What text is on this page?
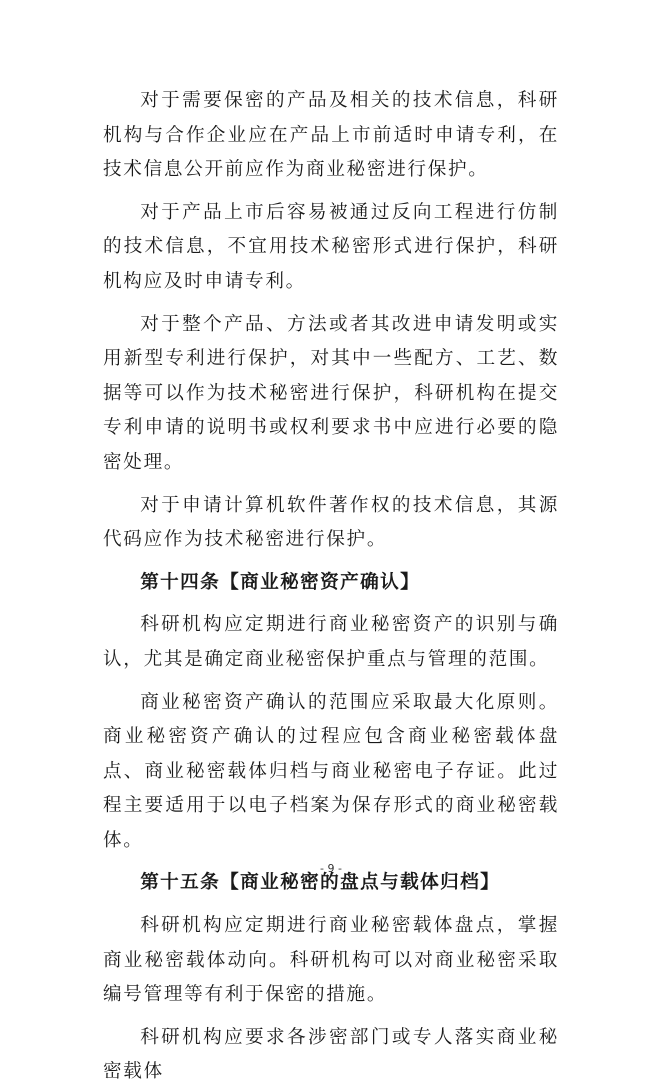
对于需要保密的产品及相关的技术信息，科研机构与合作企业应在产品上市前适时申请专利，在技术信息公开前应作为商业秘密进行保护。

对于产品上市后容易被通过反向工程进行仿制的技术信息，不宜用技术秘密形式进行保护，科研机构应及时申请专利。

对于整个产品、方法或者其改进申请发明或实用新型专利进行保护，对其中一些配方、工艺、数据等可以作为技术秘密进行保护，科研机构在提交专利申请的说明书或权利要求书中应进行必要的隐密处理。

对于申请计算机软件著作权的技术信息，其源代码应作为技术秘密进行保护。

第十四条【商业秘密资产确认】

科研机构应定期进行商业秘密资产的识别与确认，尤其是确定商业秘密保护重点与管理的范围。

商业秘密资产确认的范围应采取最大化原则。商业秘密资产确认的过程应包含商业秘密载体盘点、商业秘密载体归档与商业秘密电子存证。此过程主要适用于以电子档案为保存形式的商业秘密载体。

第十五条【商业秘密的盘点与载体归档】

科研机构应定期进行商业秘密载体盘点，掌握商业秘密载体动向。科研机构可以对商业秘密采取编号管理等有利于保密的措施。

科研机构应要求各涉密部门或专人落实商业秘密载体

- 9 -
